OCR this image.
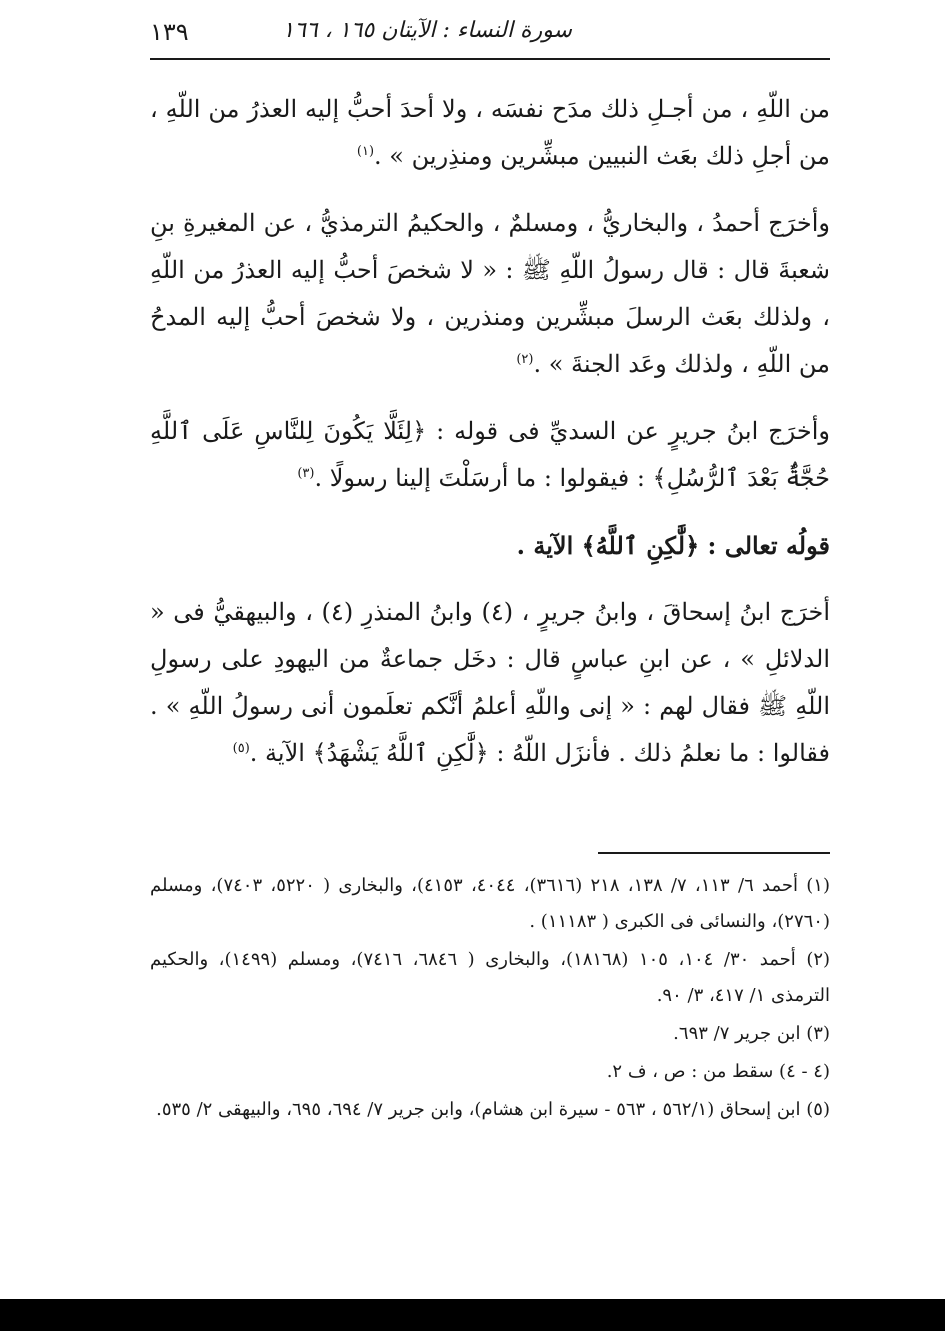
سورة النساء : الآيتان ١٦٥ ، ١٦٦
١٣٩

من اللّهِ ، من أجـلِ ذلك مدَح نفسَه ، ولا أحدَ أحبُّ إليه العذرُ من اللّهِ ، من أجلِ ذلك بعَث النبيين مبشِّرين ومنذِرين » .$^{(١)}$

وأخرَج أحمدُ ، والبخاريُّ ، ومسلمٌ ، والحكيمُ الترمذيُّ ، عن المغيرةِ بنِ شعبةَ قال : قال رسولُ اللّهِ ﷺ : « لا شخصَ أحبُّ إليه العذرُ من اللّهِ ، ولذلك بعَث الرسلَ مبشِّرين ومنذرين ، ولا شخصَ أحبُّ إليه المدحُ من اللّهِ ، ولذلك وعَد الجنةَ » .$^{(٢)}$

وأخرَج ابنُ جريرٍ عن السديِّ فى قوله : ﴿لِئَلَّا يَكُونَ لِلنَّاسِ عَلَى ٱللَّهِ حُجَّةٌۢ بَعْدَ ٱلرُّسُلِ﴾ : فيقولوا : ما أرسَلْتَ إلينا رسولًا .$^{(٣)}$

قولُه تعالى : ﴿لَّٰكِنِ ٱللَّهُ﴾ الآية .

أخرَج ابنُ إسحاقَ ، وابنُ جريرٍ ، (٤) وابنُ المنذرِ (٤) ، والبيهقيُّ فى « الدلائلِ » ، عن ابنِ عباسٍ قال : دخَل جماعةٌ من اليهودِ على رسولِ اللّهِ ﷺ فقال لهم : « إنى واللّهِ أعلمُ أنَّكم تعلَمون أنى رسولُ اللّهِ » . فقالوا : ما نعلمُ ذلك . فأنزَل اللّهُ : ﴿لَّٰكِنِ ٱللَّهُ يَشْهَدُ﴾ الآية .$^{(٥)}$

(١) أحمد ٦/ ١١٣، ٧/ ١٣٨، ٢١٨ (٣٦١٦)، ٤٠٤٤، ٤١٥٣)، والبخارى ( ٥٢٢٠، ٧٤٠٣)، ومسلم (٢٧٦٠)، والنسائى فى الكبرى ( ١١١٨٣) .

(٢) أحمد ٣٠/ ١٠٤، ١٠٥ (١٨١٦٨)، والبخارى ( ٦٨٤٦، ٧٤١٦)، ومسلم (١٤٩٩)، والحكيم الترمذى ١/ ٤١٧، ٣/ ٩٠.

(٣) ابن جرير ٧/ ٦٩٣.

(٤ - ٤) سقط من : ص ، ف ٢.

(٥) ابن إسحاق (٥٦٢/١ ، ٥٦٣ - سيرة ابن هشام)، وابن جرير ٧/ ٦٩٤، ٦٩٥، والبيهقى ٢/ ٥٣٥.
